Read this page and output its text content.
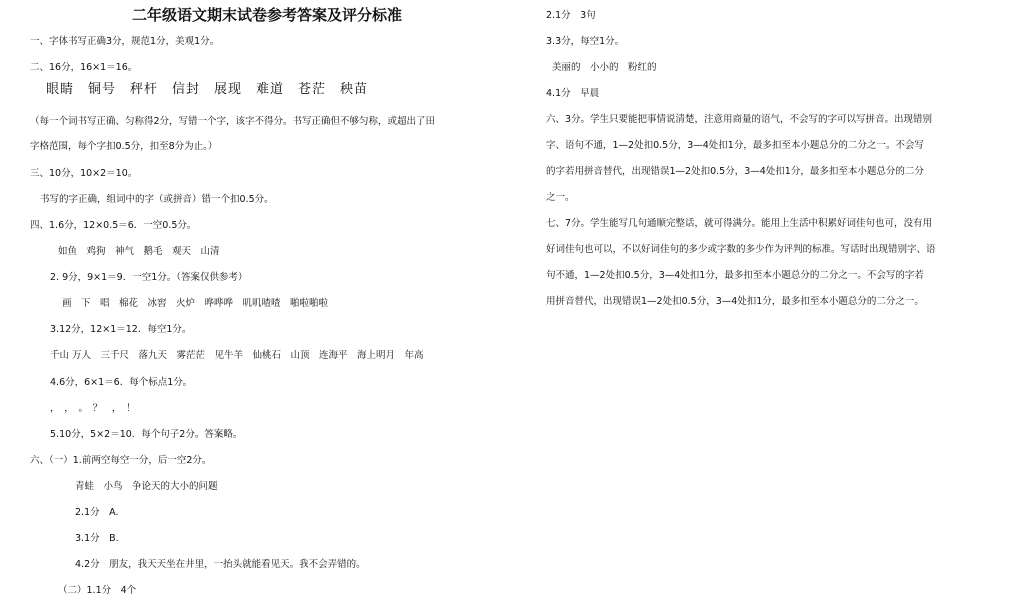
二年级语文期末试卷参考答案及评分标准
一、字体书写正确3分，规范1分，美观1分。
二、16分，16×1＝16。
眼睛　铜号　秤杆　信封　展现　难道　苍茫　秧苗
（每一个词书写正确、匀称得2分，写错一个字，该字不得分。书写正确但不够匀称，或超出了田
字格范围，每个字扣0.5分，扣至8分为止。）
三、10分，10×2＝10。
书写的字正确，组词中的字（或拼音）错一个扣0.5分。
四、1.6分，12×0.5＝6．一空0.5分。
如鱼　鸡狗　神气　鹅毛　观天　山清
2. 9分，9×1＝9．一空1分。（答案仅供参考）
画　下　唱　棉花　冰窖　火炉　哗哗哗　叽叽喳喳　啪啦啪啦
3.12分，12×1＝12．每空1分。
千山 万人　三千尺　落九天　雾茫茫　见牛羊　仙桃石　山顶　连海平　海上明月　年高
4.6分，6×1＝6．每个标点1分。
，　，　。　？　，　！
5.10分，5×2＝10．每个句子2分。答案略。
六、（一）1.前两空每空一分，后一空2分。
青蛙　小鸟　争论天的大小的问题
2.1分　A.
3.1分　B.
4.2分　朋友，我天天坐在井里，一抬头就能看见天。我不会弄错的。
（二）1.1分　4个
2.1分　3句
3.3分，每空1分。
美丽的　小小的　粉红的
4.1分　早晨
六、3分。学生只要能把事情说清楚，注意用商量的语气，不会写的字可以写拼音。出现错别
字、语句不通，1—2处扣0.5分，3—4处扣1分，最多扣至本小题总分的二分之一。不会写
的字若用拼音替代，出现错误1—2处扣0.5分，3—4处扣1分，最多扣至本小题总分的二分
之一。
七、7分。学生能写几句通顺完整话，就可得满分。能用上生活中积累好词佳句也可，没有用
好词佳句也可以，不以好词佳句的多少或字数的多少作为评判的标准。写话时出现错别字、语
句不通，1—2处扣0.5分，3—4处扣1分，最多扣至本小题总分的二分之一。不会写的字若
用拼音替代，出现错误1—2处扣0.5分，3—4处扣1分，最多扣至本小题总分的二分之一。
